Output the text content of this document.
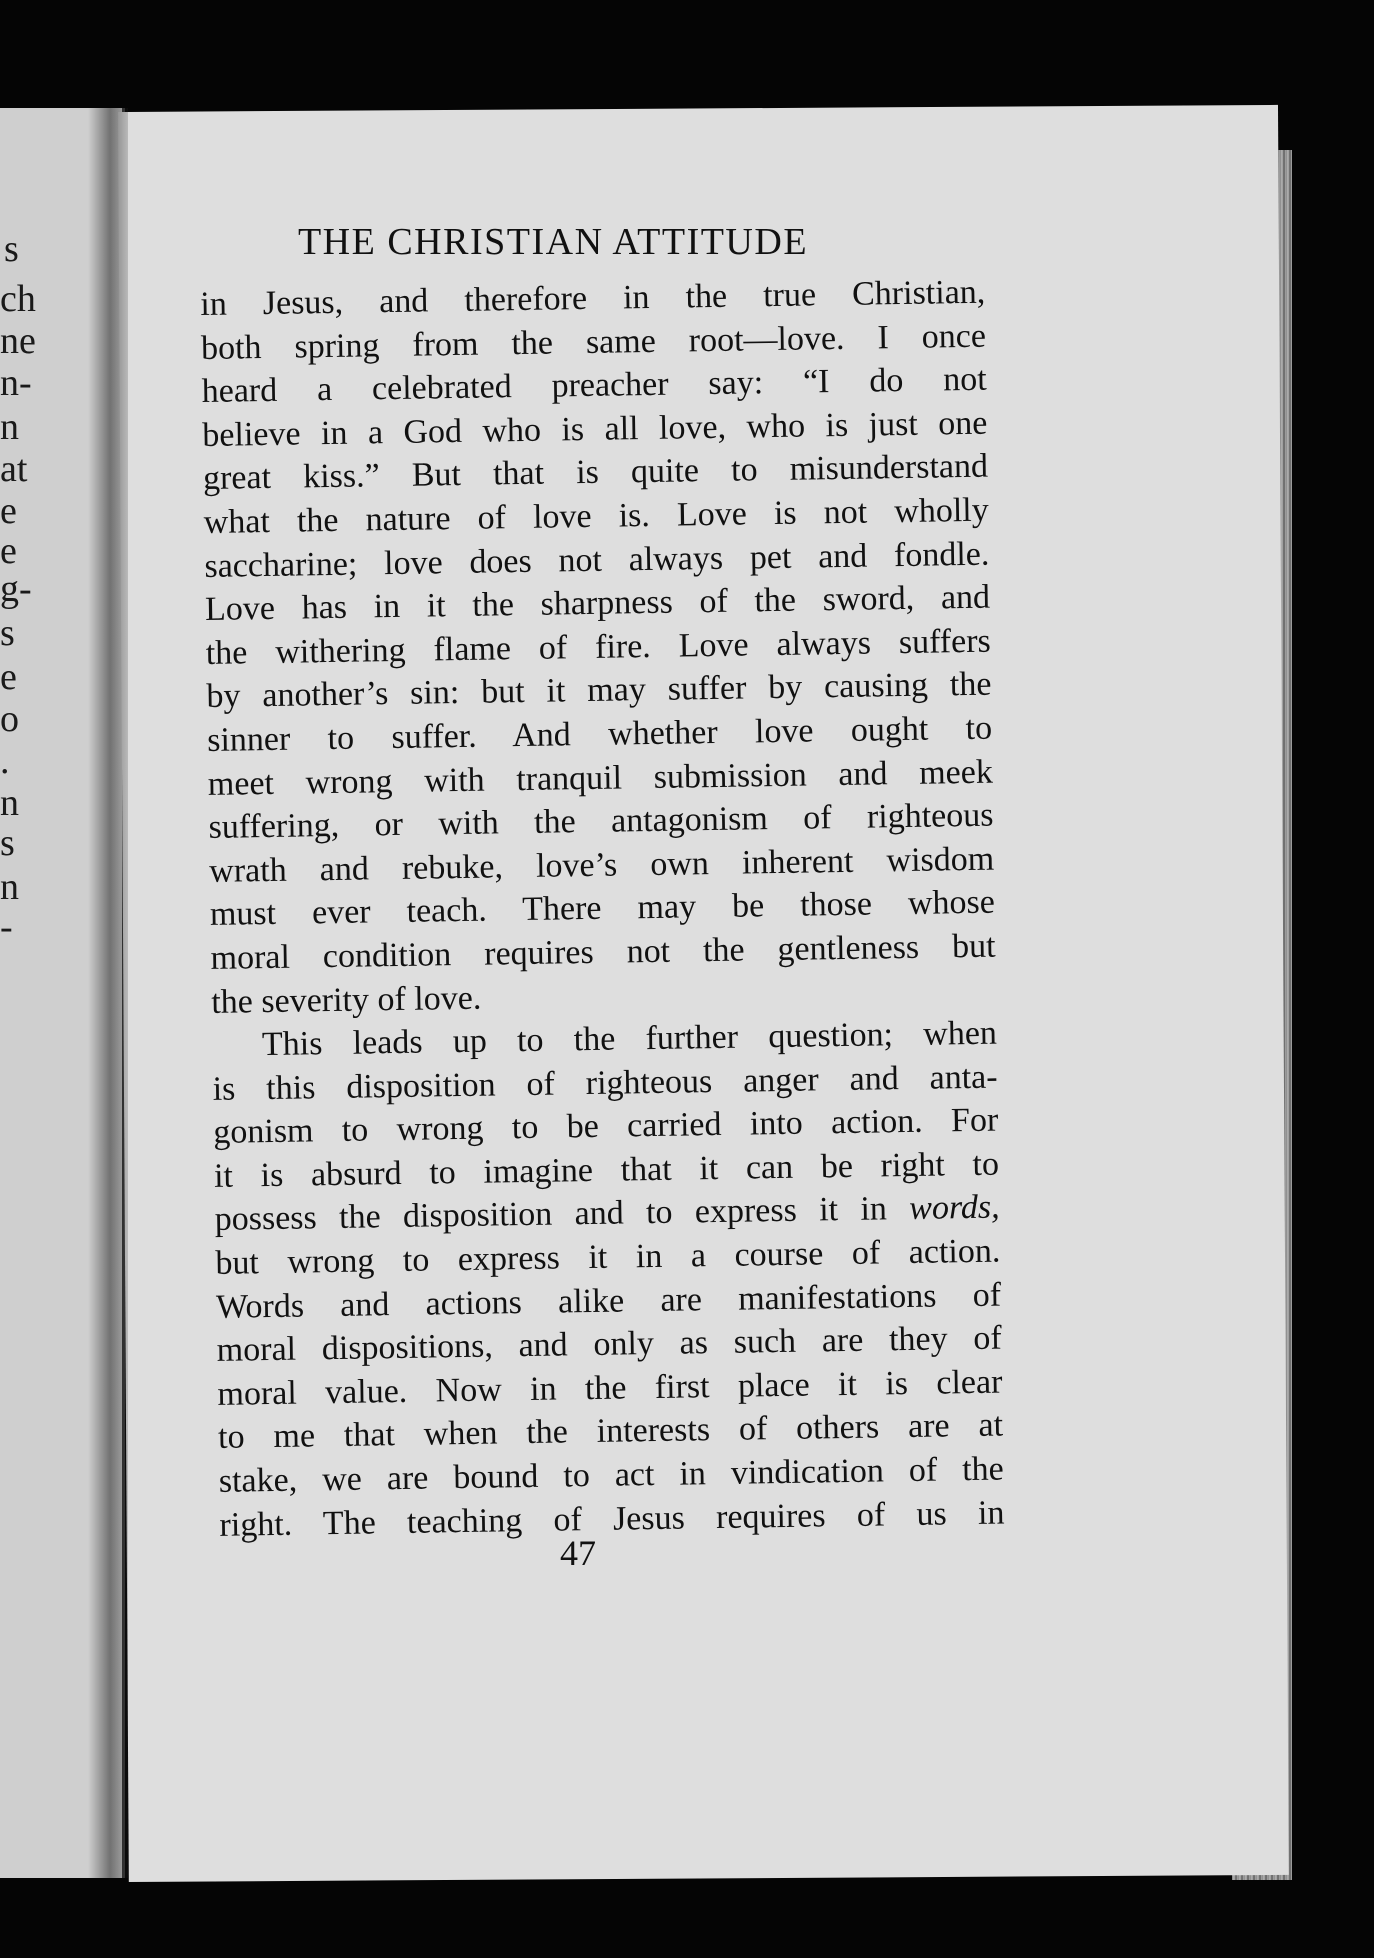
s
ch
ne
n-
n
at
e
e
g-
s
e
o
.
n
s
n
-
THE CHRISTIAN ATTITUDE
in Jesus, and therefore in the true Christian,
both spring from the same root—love. I once
heard a celebrated preacher say: “I do not
believe in a God who is all love, who is just one
great kiss.” But that is quite to misunderstand
what the nature of love is. Love is not wholly
saccharine; love does not always pet and fondle.
Love has in it the sharpness of the sword, and
the withering flame of fire. Love always suffers
by another’s sin: but it may suffer by causing the
sinner to suffer. And whether love ought to
meet wrong with tranquil submission and meek
suffering, or with the antagonism of righteous
wrath and rebuke, love’s own inherent wisdom
must ever teach. There may be those whose
moral condition requires not the gentleness but
the severity of love.
This leads up to the further question; when
is this disposition of righteous anger and anta-
gonism to wrong to be carried into action. For
it is absurd to imagine that it can be right to
possess the disposition and to express it in words,
but wrong to express it in a course of action.
Words and actions alike are manifestations of
moral dispositions, and only as such are they of
moral value. Now in the first place it is clear
to me that when the interests of others are at
stake, we are bound to act in vindication of the
right. The teaching of Jesus requires of us in
47
